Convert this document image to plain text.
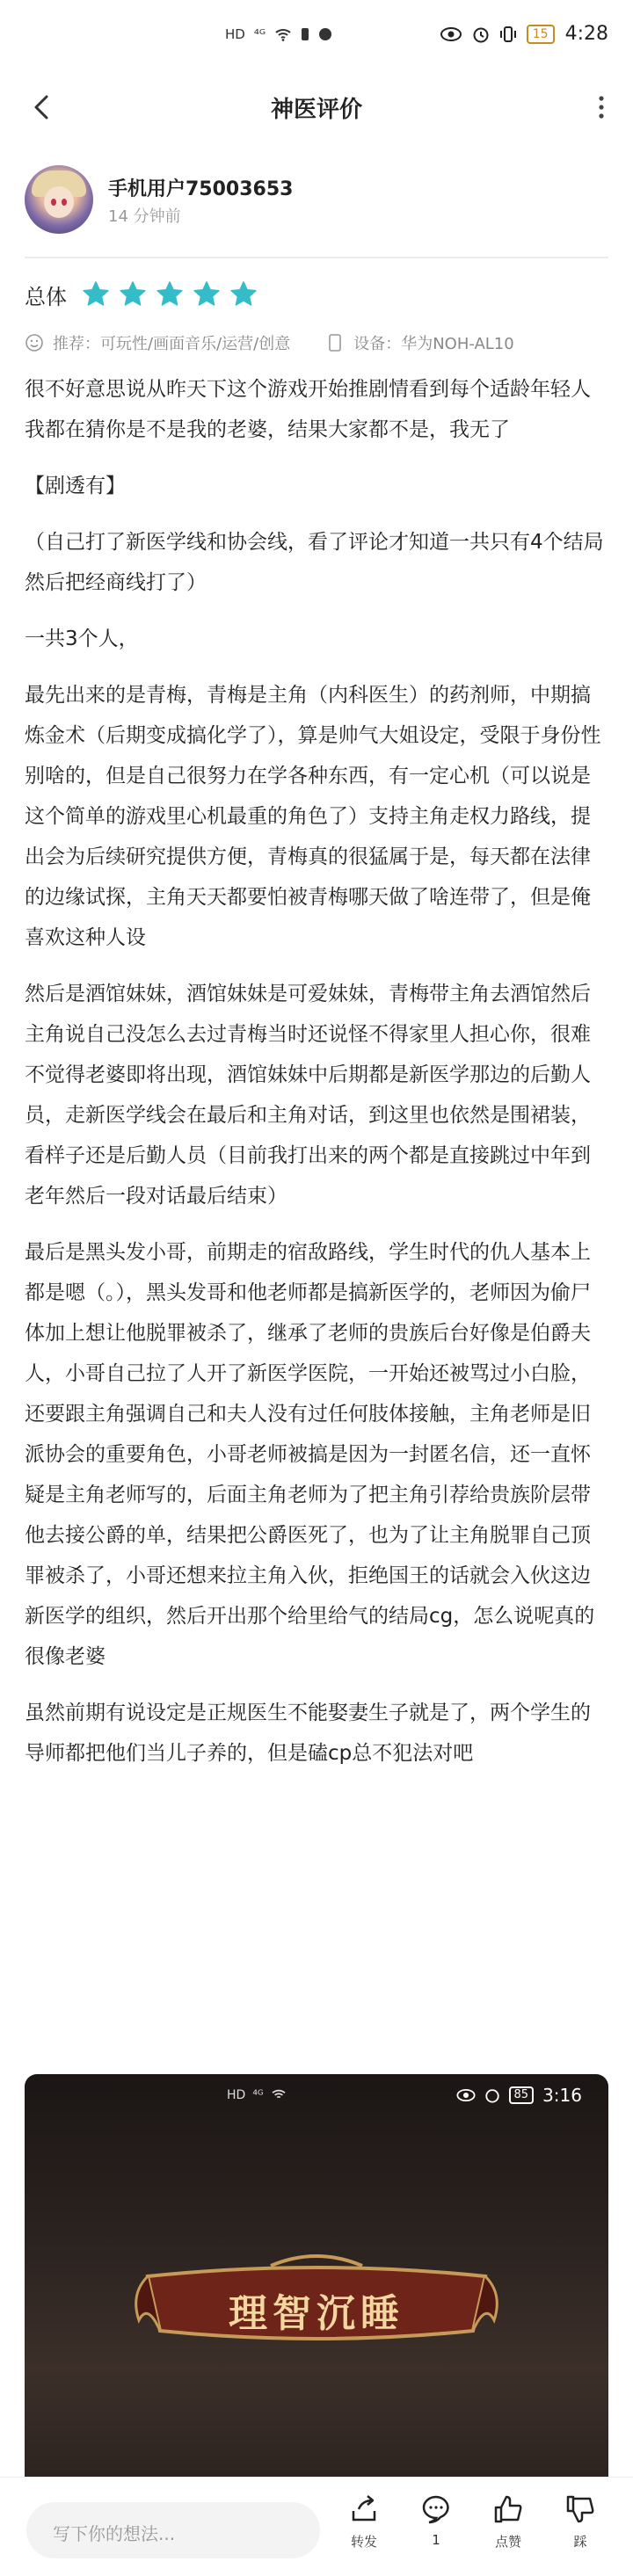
HD ⁴ᴳ	15 4:28
神医评价
手机用户75003653
14 分钟前
总体
推荐：可玩性/画面音乐/运营/创意	设备：华为NOH-AL10

很不好意思说从昨天下这个游戏开始推剧情看到每个适龄年轻人我都在猜你是不是我的老婆，结果大家都不是，我无了

【剧透有】

（自己打了新医学线和协会线，看了评论才知道一共只有4个结局然后把经商线打了）

一共3个人，

最先出来的是青梅，青梅是主角（内科医生）的药剂师，中期搞炼金术（后期变成搞化学了），算是帅气大姐设定，受限于身份性别啥的，但是自己很努力在学各种东西，有一定心机（可以说是这个简单的游戏里心机最重的角色了）支持主角走权力路线，提出会为后续研究提供方便，青梅真的很猛属于是，每天都在法律的边缘试探，主角天天都要怕被青梅哪天做了啥连带了，但是俺喜欢这种人设

然后是酒馆妹妹，酒馆妹妹是可爱妹妹，青梅带主角去酒馆然后主角说自己没怎么去过青梅当时还说怪不得家里人担心你，很难不觉得老婆即将出现，酒馆妹妹中后期都是新医学那边的后勤人员，走新医学线会在最后和主角对话，到这里也依然是围裙装，看样子还是后勤人员（目前我打出来的两个都是直接跳过中年到老年然后一段对话最后结束）

最后是黑头发小哥，前期走的宿敌路线，学生时代的仇人基本上都是嗯（。），黑头发哥和他老师都是搞新医学的，老师因为偷尸体加上想让他脱罪被杀了，继承了老师的贵族后台好像是伯爵夫人，小哥自己拉了人开了新医学医院，一开始还被骂过小白脸，还要跟主角强调自己和夫人没有过任何肢体接触，主角老师是旧派协会的重要角色，小哥老师被搞是因为一封匿名信，还一直怀疑是主角老师写的，后面主角老师为了把主角引荐给贵族阶层带他去接公爵的单，结果把公爵医死了，也为了让主角脱罪自己顶罪被杀了，小哥还想来拉主角入伙，拒绝国王的话就会入伙这边新医学的组织，然后开出那个给里给气的结局cg，怎么说呢真的很像老婆

虽然前期有说设定是正规医生不能娶妻生子就是了，两个学生的导师都把他们当儿子养的，但是磕cp总不犯法对吧

HD ⁴ᴳ	85 3:16
理智沉睡
写下你的想法...	转发	1	点赞	踩
